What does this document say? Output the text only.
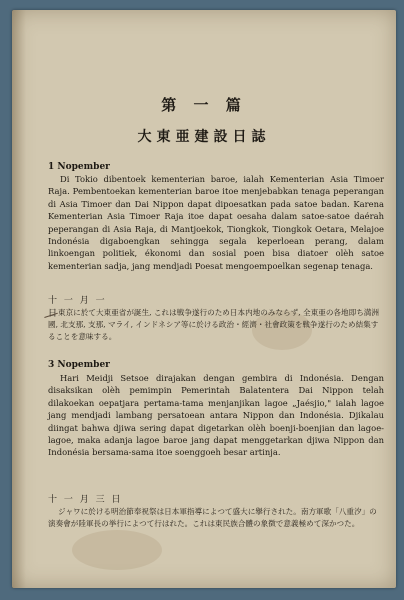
第 一 篇
大東亜建設日誌
1 Nopember

Di Tokio dibentoek kementerian baroe, ialah Kementerian Asia Timoer Raja. Pembentoekan kementerian baroe itoe menjebabkan tenaga peperangan di Asia Timoer dan Dai Nippon dapat dipoesatkan pada satoe badan. Karena Kementerian Asia Timoer Raja itoe dapat oesaha dalam satoe-satoe daérah peperangan di Asia Raja, di Mantjoekok, Tiongkok, Tiongkok Oetara, Melajoe Indonésia digaboengkan sehingga segala keperloean perang, dalam linkoengan politiek, ékonomi dan sosial poen bisa diatoer olèh satoe kementerian sadja, jang mendjadi Poesat mengoempoelkan segenap tenaga.

十 一 月 一 日

東京に於て大東亜省が誕生, これは戦争遂行のため日本内地のみならず, 全東亜の各地即ち満洲國, 北支那, 支那, マライ, インドネシア等に於ける政治・經濟・社會政策を戦争遂行のため結集することを意味する。

3 Nopember

Hari Meidji Setsoe dirajakan dengan gembira di Indonésia. Dengan disaksikan olèh pemimpin Pemerintah Balatentera Dai Nippon telah dilakoekan oepatjara pertama-tama menjanjikan lagoe „Jaésjio," ialah lagoe jang mendjadi lambang persatoean antara Nippon dan Indonésia. Djikalau diingat bahwa djiwa sering dapat digetarkan olèh boenji-boenjian dan lagoe-lagoe, maka adanja lagoe baroe jang dapat menggetarkan djiwa Nippon dan Indonésia bersama-sama itoe soenggoeh besar artinja.

十 一 月 三 日

ジャワに於ける明治節奉祝祭は日本軍指導によつて盛大に擧行された。南方軍歌「八重汐」の演奏會が陸軍長の挙行によつて行はれた。これは東民族合體の象徴で意義極めて深かつた。
